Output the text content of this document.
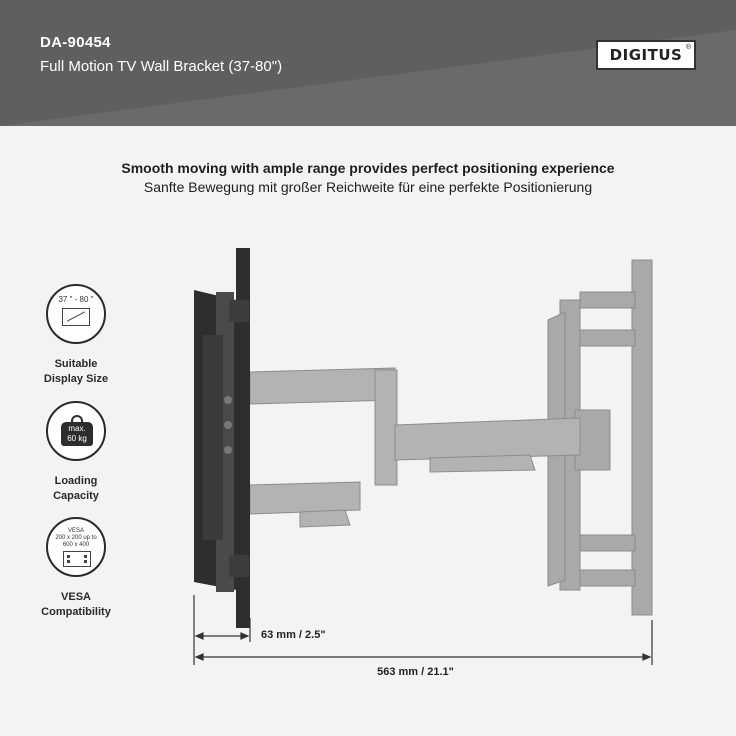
DA-90454
Full Motion TV Wall Bracket (37-80")
DIGITUS ®
Smooth moving with ample range provides perfect positioning experience
Sanfte Bewegung mit großer Reichweite für eine perfekte Positionierung
37 " - 80 "
Suitable
Display Size
max.
60 kg
Loading
Capacity
VESA
200 x 200 up to
600 x 400
VESA
Compatibility
63 mm / 2.5"
563 mm / 21.1"
